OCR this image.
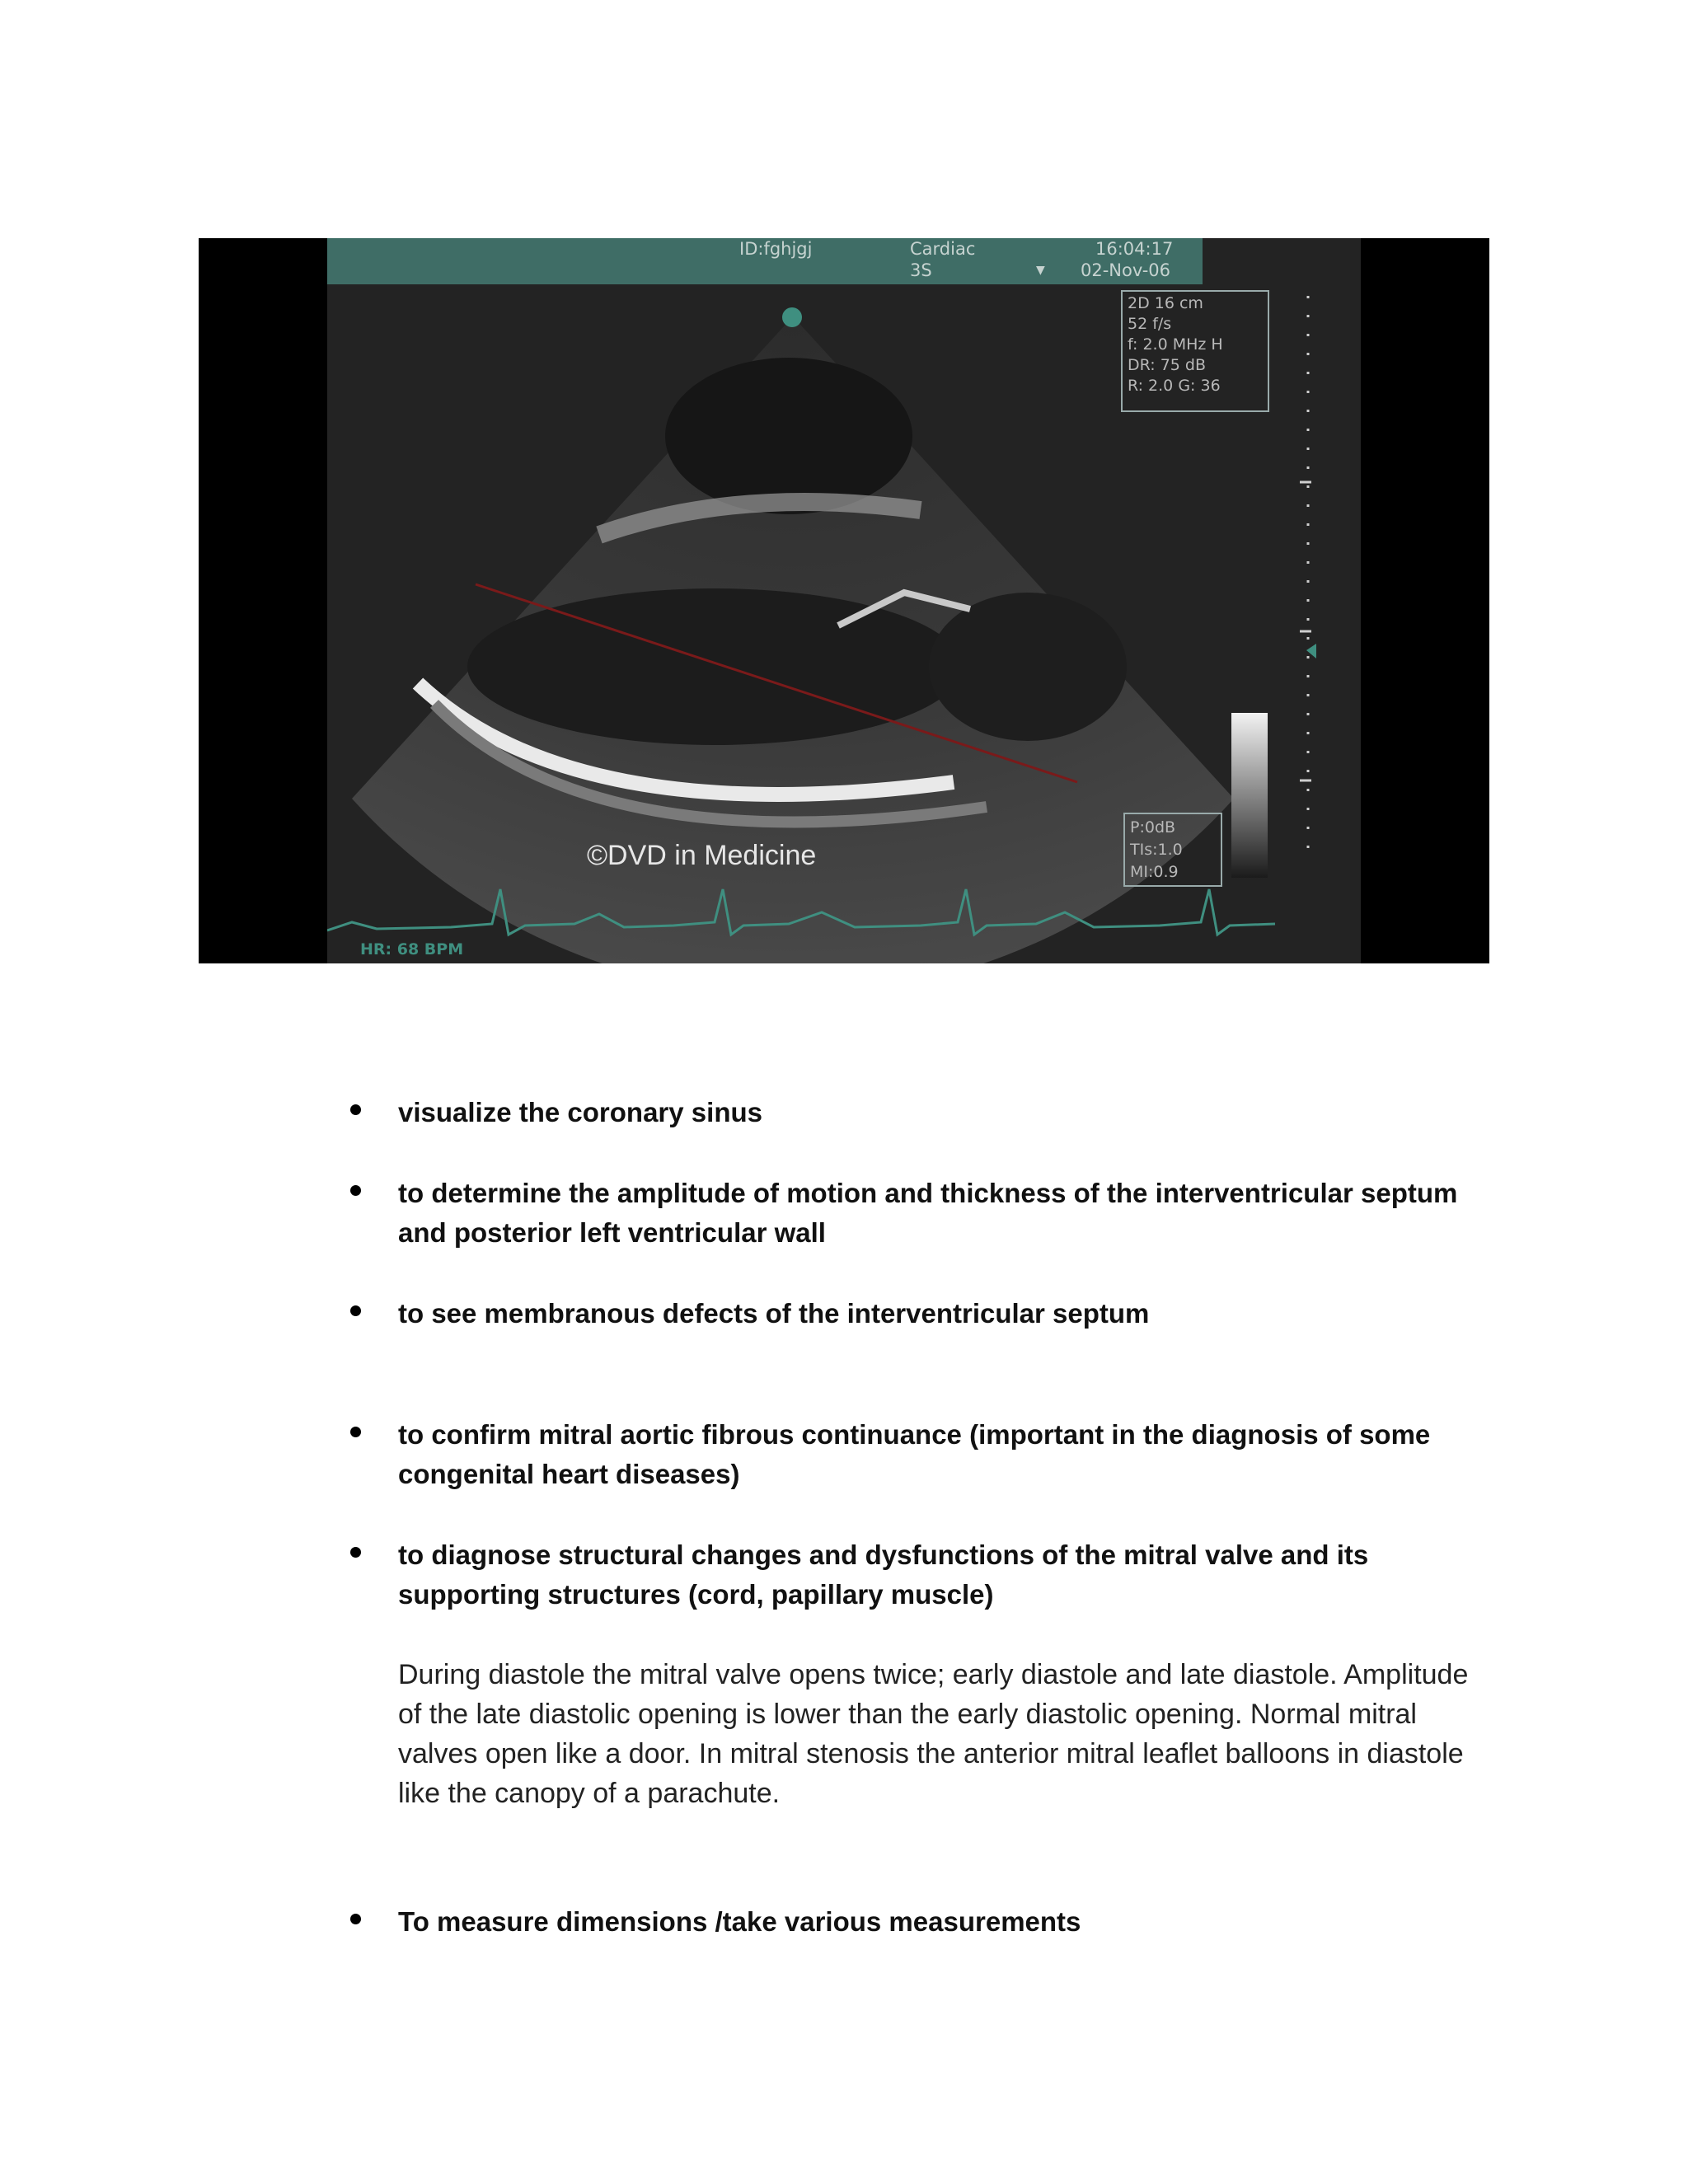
ID:fghjgj	Cardiac
3S	▼
16:04:17
02-Nov-06
2D 16 cm
52 f/s
f: 2.0 MHz H
DR: 75 dB
R: 2.0 G: 36
P:0dB
TIs:1.0
MI:0.9
©DVD in Medicine
HR: 68 BPM

visualize the coronary sinus

to determine the amplitude of motion and thickness of the interventricular septum and posterior left ventricular wall

to see membranous defects of the interventricular septum

to confirm mitral aortic fibrous continuance (important in the diagnosis of some congenital heart diseases)

to diagnose structural changes and dysfunctions of the mitral valve and its supporting structures (cord, papillary muscle)

During diastole the mitral valve opens twice; early diastole and late diastole. Amplitude of the late diastolic opening is lower than the early diastolic opening. Normal mitral valves open like a door. In mitral stenosis the anterior mitral leaflet balloons in diastole like the canopy of a parachute.

To measure dimensions /take various measurements
